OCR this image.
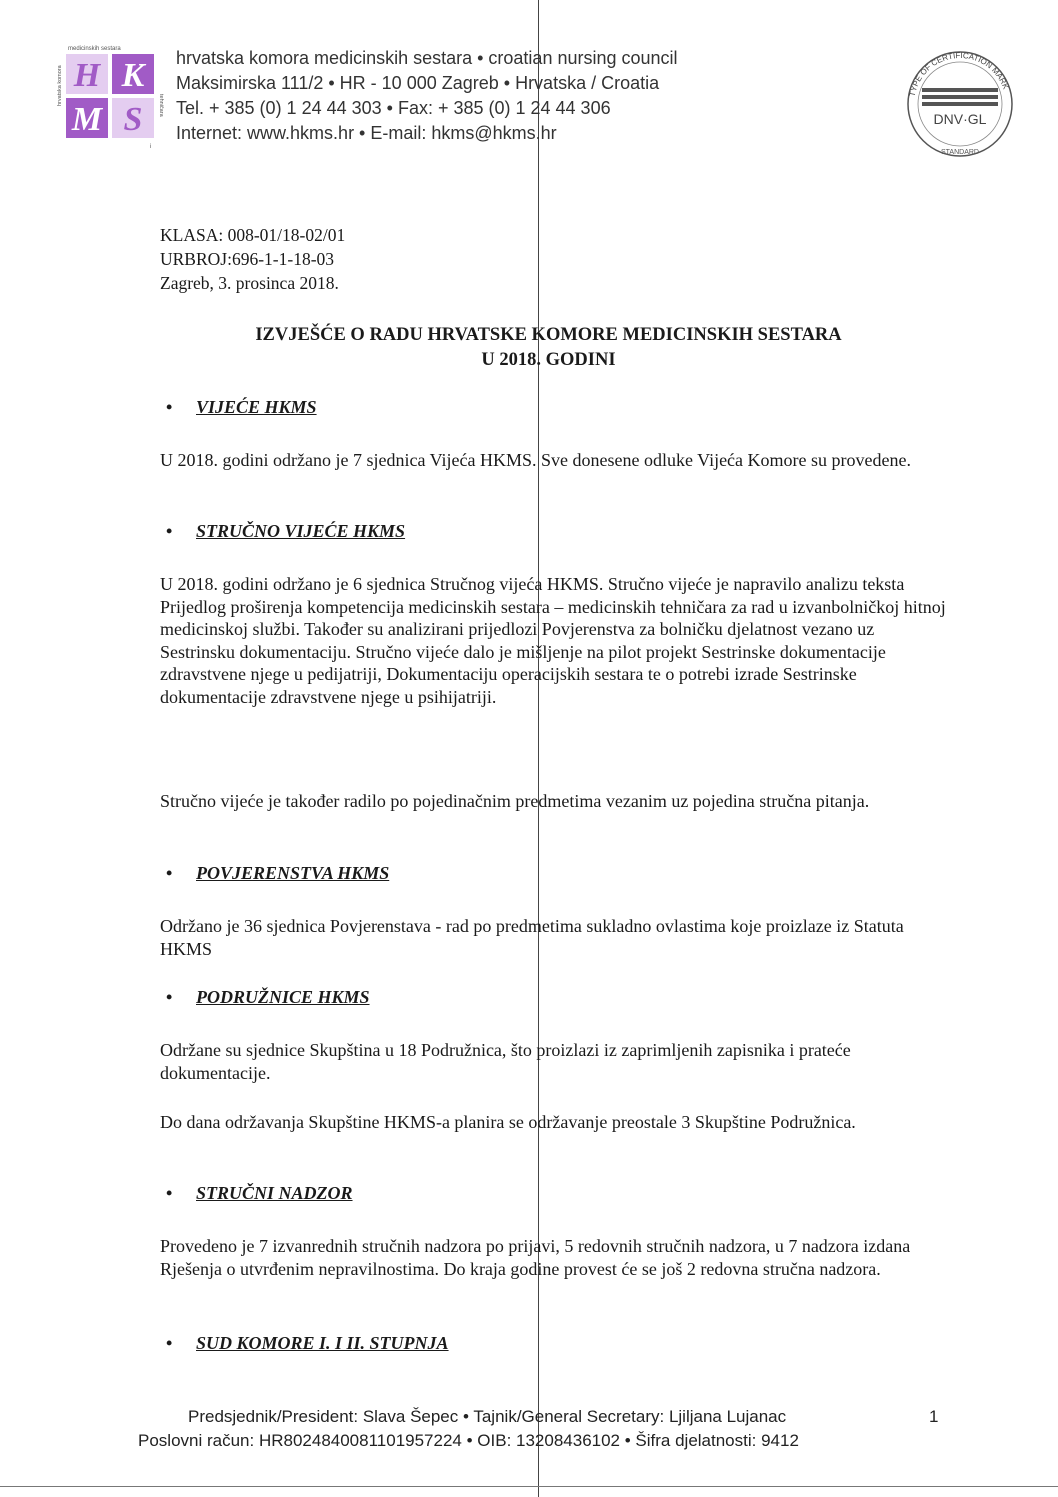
medicinskih sestara
hrvatska komora	tehničara
H K
M S
i
hrvatska komora medicinskih sestara • croatian nursing council
Maksimirska 111/2 • HR - 10 000 Zagreb • Hrvatska / Croatia
Tel. + 385 (0) 1 24 44 303 • Fax: + 385 (0) 1 24 44 306
Internet: www.hkms.hr • E-mail: hkms@hkms.hr
TYPE OF CERTIFICATION MARK
DNV·GL
STANDARD
KLASA: 008-01/18-02/01
URBROJ:696-1-1-18-03
Zagreb, 3. prosinca 2018.
IZVJEŠĆE O RADU HRVATSKE KOMORE MEDICINSKIH SESTARA
U 2018. GODINI
• VIJEĆE HKMS
U 2018. godini održano je 7 sjednica Vijeća HKMS. Sve donesene odluke Vijeća Komore su provedene.
• STRUČNO VIJEĆE HKMS
U 2018. godini održano je 6 sjednica Stručnog vijeća HKMS. Stručno vijeće je napravilo analizu teksta Prijedlog proširenja kompetencija medicinskih sestara – medicinskih tehničara za rad u izvanbolničkoj hitnoj medicinskoj službi. Također su analizirani prijedlozi Povjerenstva za bolničku djelatnost vezano uz Sestrinsku dokumentaciju. Stručno vijeće dalo je mišljenje na pilot projekt Sestrinske dokumentacije zdravstvene njege u pedijatriji, Dokumentaciju operacijskih sestara te o potrebi izrade Sestrinske dokumentacije zdravstvene njege u psihijatriji.
Stručno vijeće je također radilo po pojedinačnim predmetima vezanim uz pojedina stručna pitanja.
• POVJERENSTVA HKMS
Održano je 36 sjednica Povjerenstava - rad po predmetima sukladno ovlastima koje proizlaze iz Statuta HKMS
• PODRUŽNICE HKMS
Održane su sjednice Skupština u 18 Podružnica, što proizlazi iz zaprimljenih zapisnika i prateće dokumentacije.
Do dana održavanja Skupštine HKMS-a planira se održavanje preostale 3 Skupštine Podružnica.
• STRUČNI NADZOR
Provedeno je 7 izvanrednih stručnih nadzora po prijavi, 5 redovnih stručnih nadzora, u 7 nadzora izdana Rješenja o utvrđenim nepravilnostima. Do kraja godine provest će se još 2 redovna stručna nadzora.
• SUD KOMORE I. I II. STUPNJA
Predsjednik/President: Slava Šepec • Tajnik/General Secretary: Ljiljana Lujanac	1
Poslovni račun: HR8024840081101957224 • OIB: 13208436102 • Šifra djelatnosti: 9412
